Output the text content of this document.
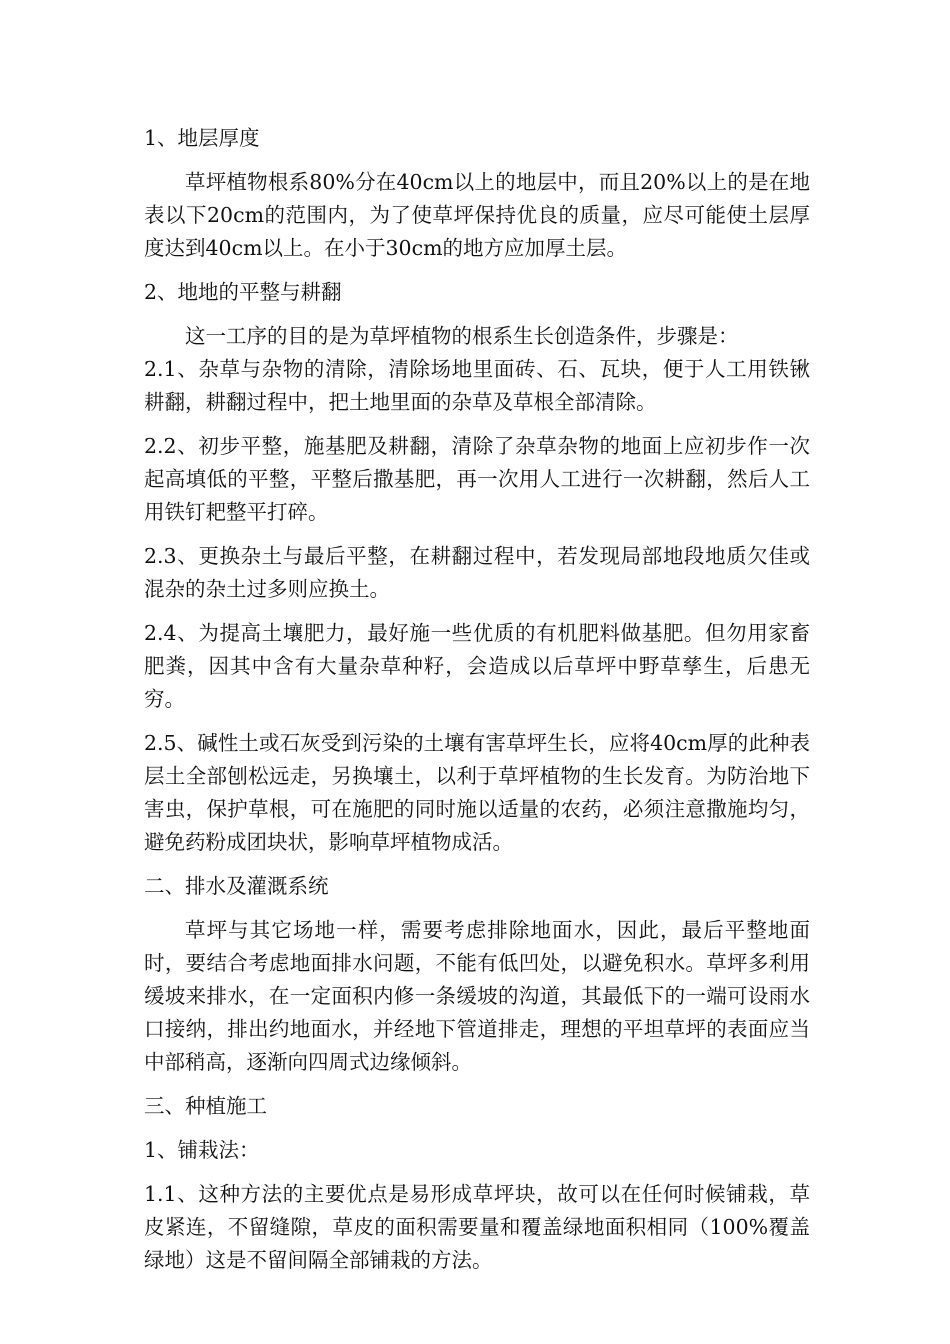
1、地层厚度

草坪植物根系80%分在40cm以上的地层中，而且20%以上的是在地表以下20cm的范围内，为了使草坪保持优良的质量，应尽可能使土层厚度达到40cm以上。在小于30cm的地方应加厚土层。

2、地地的平整与耕翻

这一工序的目的是为草坪植物的根系生长创造条件，步骤是：

2.1、杂草与杂物的清除，清除场地里面砖、石、瓦块，便于人工用铁锹耕翻，耕翻过程中，把土地里面的杂草及草根全部清除。

2.2、初步平整，施基肥及耕翻，清除了杂草杂物的地面上应初步作一次起高填低的平整，平整后撒基肥，再一次用人工进行一次耕翻，然后人工用铁钉耙整平打碎。

2.3、更换杂土与最后平整，在耕翻过程中，若发现局部地段地质欠佳或混杂的杂土过多则应换土。

2.4、为提高土壤肥力，最好施一些优质的有机肥料做基肥。但勿用家畜肥粪，因其中含有大量杂草种籽，会造成以后草坪中野草孳生，后患无穷。

2.5、碱性土或石灰受到污染的土壤有害草坪生长，应将40cm厚的此种表层土全部刨松远走，另换壤土，以利于草坪植物的生长发育。为防治地下害虫，保护草根，可在施肥的同时施以适量的农药，必须注意撒施均匀，避免药粉成团块状，影响草坪植物成活。

二、排水及灌溉系统

草坪与其它场地一样，需要考虑排除地面水，因此，最后平整地面时，要结合考虑地面排水问题，不能有低凹处，以避免积水。草坪多利用缓坡来排水，在一定面积内修一条缓坡的沟道，其最低下的一端可设雨水口接纳，排出约地面水，并经地下管道排走，理想的平坦草坪的表面应当中部稍高，逐渐向四周式边缘倾斜。

三、种植施工

1、铺栽法：

1.1、这种方法的主要优点是易形成草坪块，故可以在任何时候铺栽，草皮紧连，不留缝隙，草皮的面积需要量和覆盖绿地面积相同（100%覆盖绿地）这是不留间隔全部铺栽的方法。
